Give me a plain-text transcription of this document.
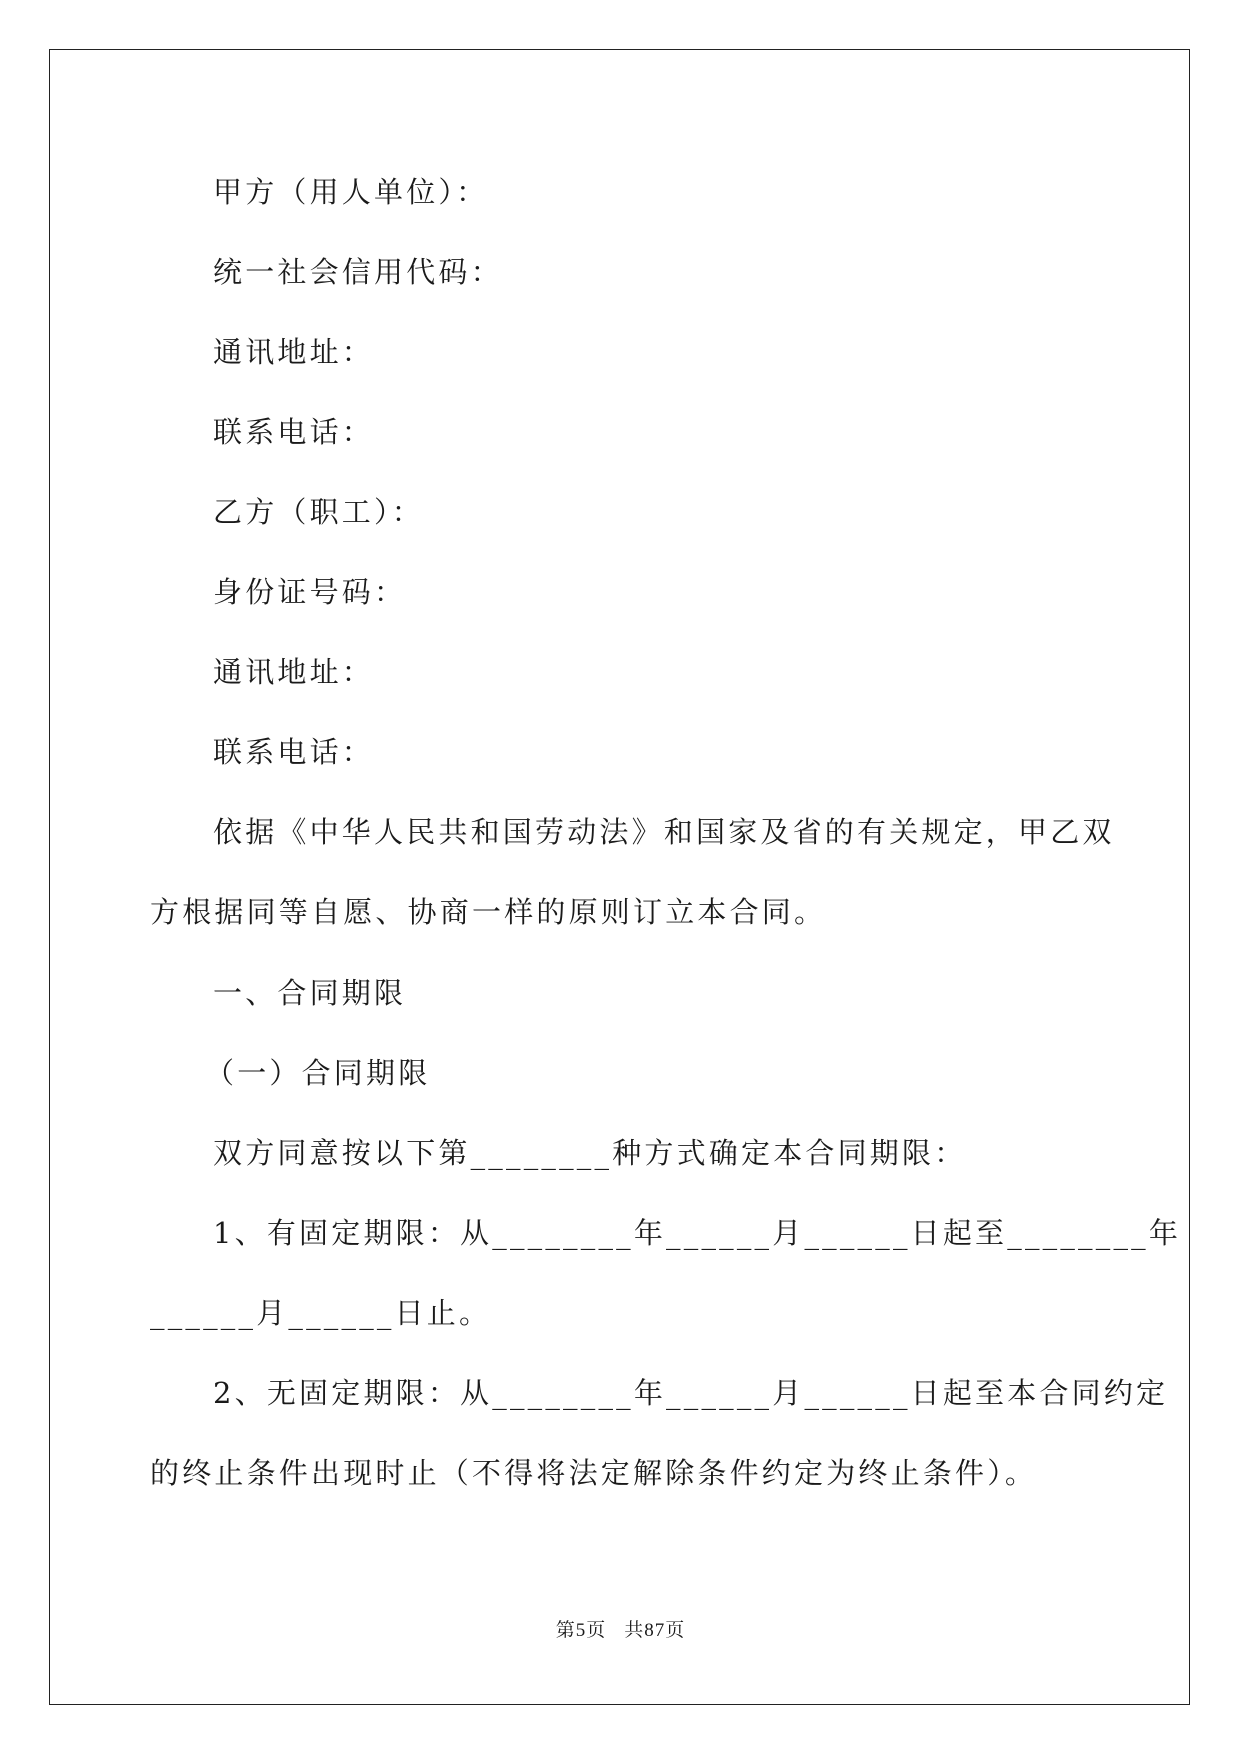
甲方（用人单位）：
统一社会信用代码：
通讯地址：
联系电话：
乙方（职工）：
身份证号码：
通讯地址：
联系电话：
依据《中华人民共和国劳动法》和国家及省的有关规定，甲乙双
方根据同等自愿、协商一样的原则订立本合同。
一、合同期限
（一）合同期限
双方同意按以下第________种方式确定本合同期限：
1、有固定期限：从________年______月______日起至________年
______月______日止。
2、无固定期限：从________年______月______日起至本合同约定
的终止条件出现时止（不得将法定解除条件约定为终止条件）。
第5页 共87页
